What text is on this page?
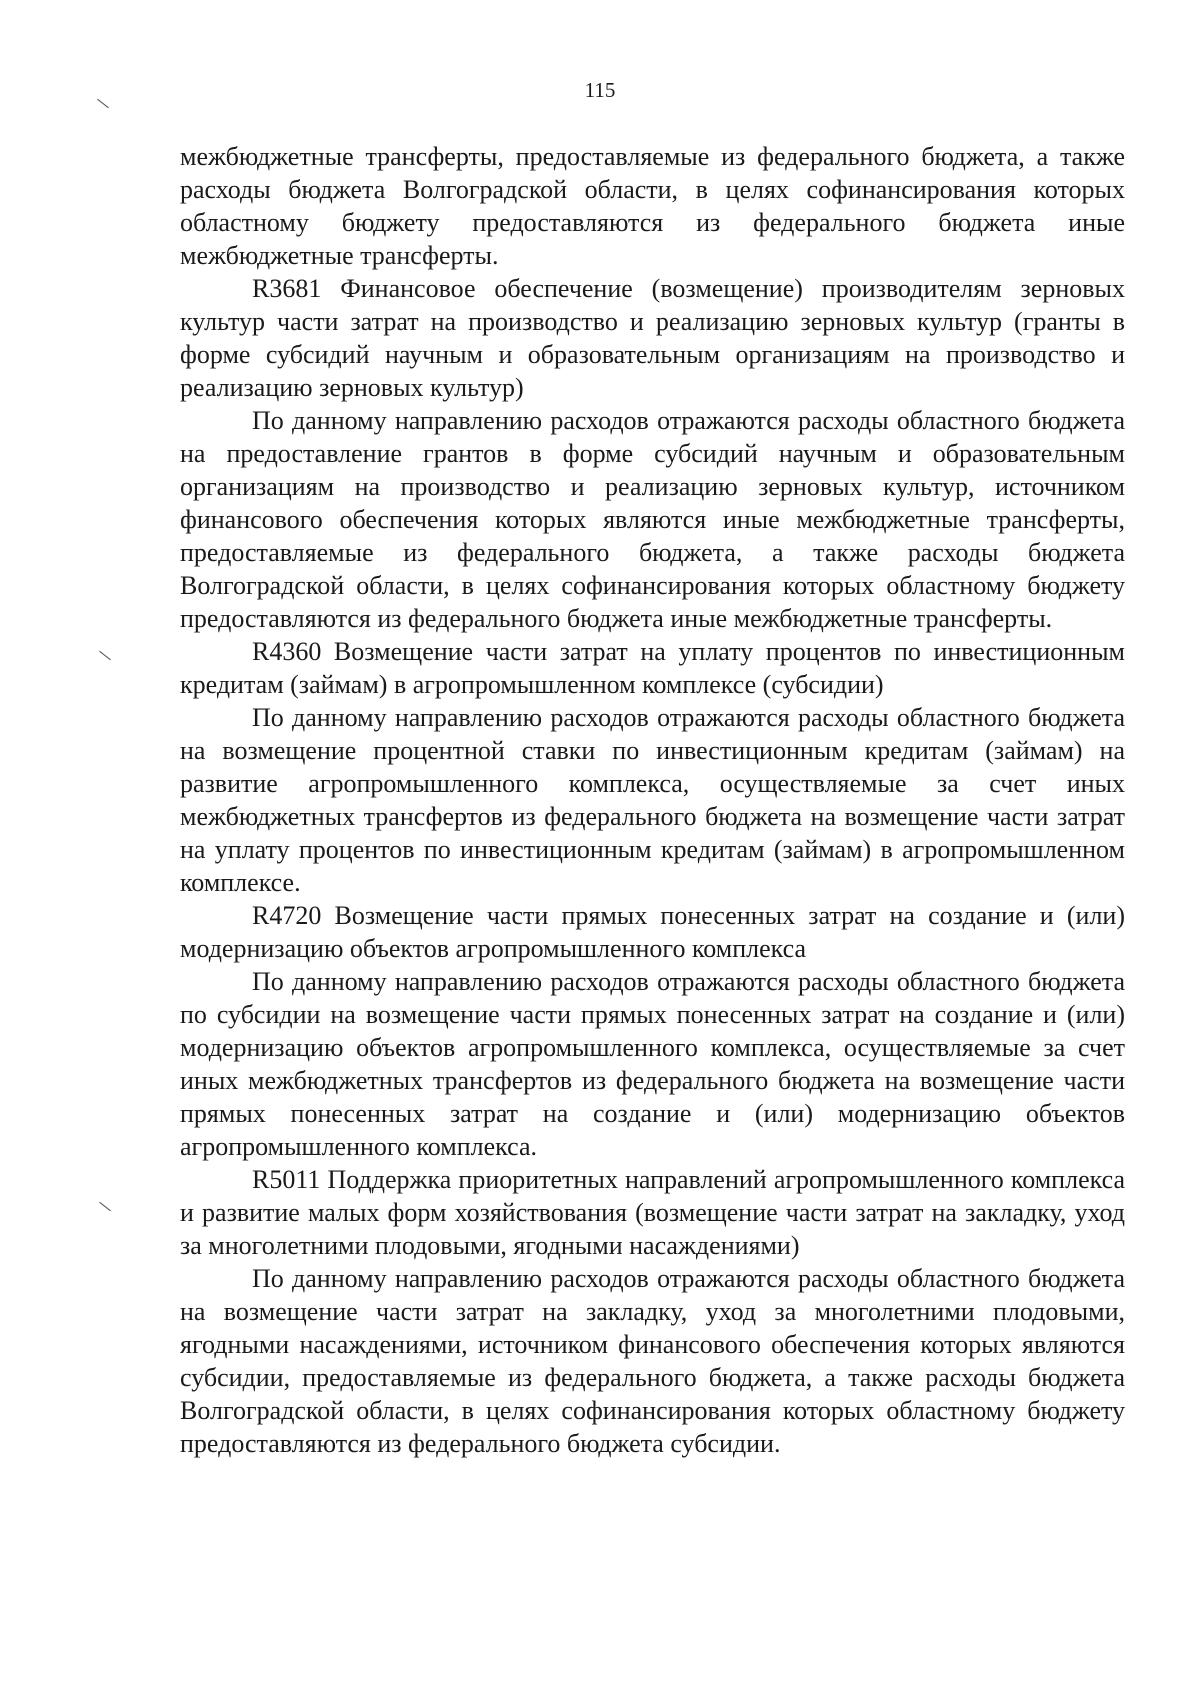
115

межбюджетные трансферты, предоставляемые из федерального бюджета, а также расходы бюджета Волгоградской области, в целях софинансирования которых областному бюджету предоставляются из федерального бюджета иные межбюджетные трансферты.

R3681 Финансовое обеспечение (возмещение) производителям зерновых культур части затрат на производство и реализацию зерновых культур (гранты в форме субсидий научным и образовательным организациям на производство и реализацию зерновых культур)

По данному направлению расходов отражаются расходы областного бюджета на предоставление грантов в форме субсидий научным и образовательным организациям на производство и реализацию зерновых культур, источником финансового обеспечения которых являются иные межбюджетные трансферты, предоставляемые из федерального бюджета, а также расходы бюджета Волгоградской области, в целях софинансирования которых областному бюджету предоставляются из федерального бюджета иные межбюджетные трансферты.

R4360 Возмещение части затрат на уплату процентов по инвестиционным кредитам (займам) в агропромышленном комплексе (субсидии)

По данному направлению расходов отражаются расходы областного бюджета на возмещение процентной ставки по инвестиционным кредитам (займам) на развитие агропромышленного комплекса, осуществляемые за счет иных межбюджетных трансфертов из федерального бюджета на возмещение части затрат на уплату процентов по инвестиционным кредитам (займам) в агропромышленном комплексе.

R4720 Возмещение части прямых понесенных затрат на создание и (или) модернизацию объектов агропромышленного комплекса

По данному направлению расходов отражаются расходы областного бюджета по субсидии на возмещение части прямых понесенных затрат на создание и (или) модернизацию объектов агропромышленного комплекса, осуществляемые за счет иных межбюджетных трансфертов из федерального бюджета на возмещение части прямых понесенных затрат на создание и (или) модернизацию объектов агропромышленного комплекса.

R5011 Поддержка приоритетных направлений агропромышленного комплекса и развитие малых форм хозяйствования (возмещение части затрат на закладку, уход за многолетними плодовыми, ягодными насаждениями)

По данному направлению расходов отражаются расходы областного бюджета на возмещение части затрат на закладку, уход за многолетними плодовыми, ягодными насаждениями, источником финансового обеспечения которых являются субсидии, предоставляемые из федерального бюджета, а также расходы бюджета Волгоградской области, в целях софинансирования которых областному бюджету предоставляются из федерального бюджета субсидии.
